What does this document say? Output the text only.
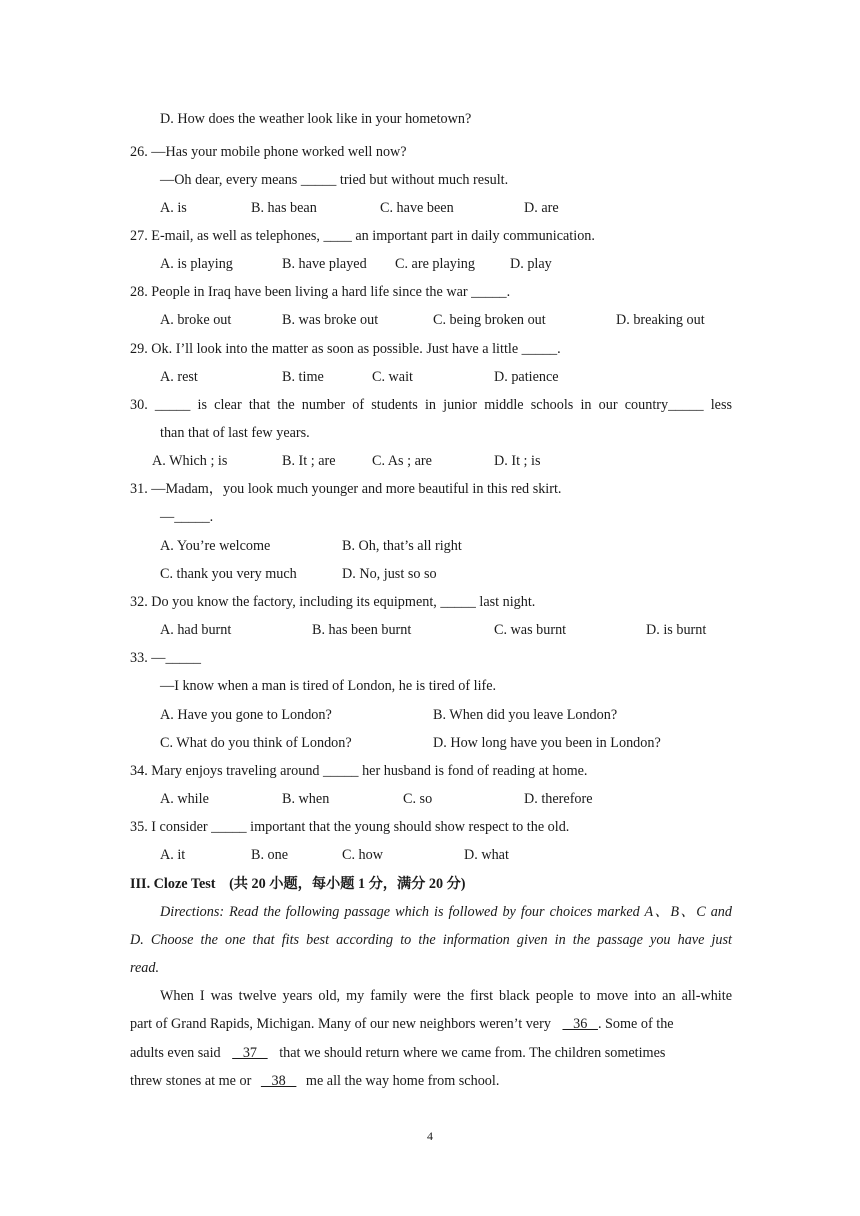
D. How does the weather look like in your hometown?
26. —Has your mobile phone worked well now?
—Oh dear, every means _____ tried but without much result.
A. is	B. has bean	C. have been	D. are
27. E-mail, as well as telephones, ____ an important part in daily communication.
A. is playing	B. have played C. are playing D. play
28. People in Iraq have been living a hard life since the war _____.
A. broke out	B. was broke out	C. being broken out	D. breaking out
29. Ok. I’ll look into the matter as soon as possible. Just have a little _____.
A. rest	B. time	C. wait	D. patience
30. _____ is clear that the number of students in junior middle schools in our country_____ less
than that of last few years.
A. Which ; is	B. It ; are	C. As ; are	D. It ; is
31. —Madam，you look much younger and more beautiful in this red skirt.
—_____.
A. You’re welcome	B. Oh, that’s all right
C. thank you very much	D. No, just so so
32. Do you know the factory, including its equipment, _____ last night.
A. had burnt	B. has been burnt	C. was burnt	D. is burnt
33. —_____
—I know when a man is tired of London, he is tired of life.
A. Have you gone to London?	B. When did you leave London?
C. What do you think of London?	D. How long have you been in London?
34. Mary enjoys traveling around _____ her husband is fond of reading at home.
A. while	B. when	C. so	D. therefore
35. I consider _____ important that the young should show respect to the old.
A. it	B. one	C. how	D. what
III. Cloze Test (共 20 小题，每小题 1 分，满分 20 分)
Directions: Read the following passage which is followed by four choices marked A、B、C and
D. Choose the one that fits best according to the information given in the passage you have just
read.
When I was twelve years old, my family were the first black people to move into an all-white
part of Grand Rapids, Michigan. Many of our new neighbors weren’t very    36   . Some of the
adults even said    37    that we should return where we came from. The children sometimes
threw stones at me or    38    me all the way home from school.
4
